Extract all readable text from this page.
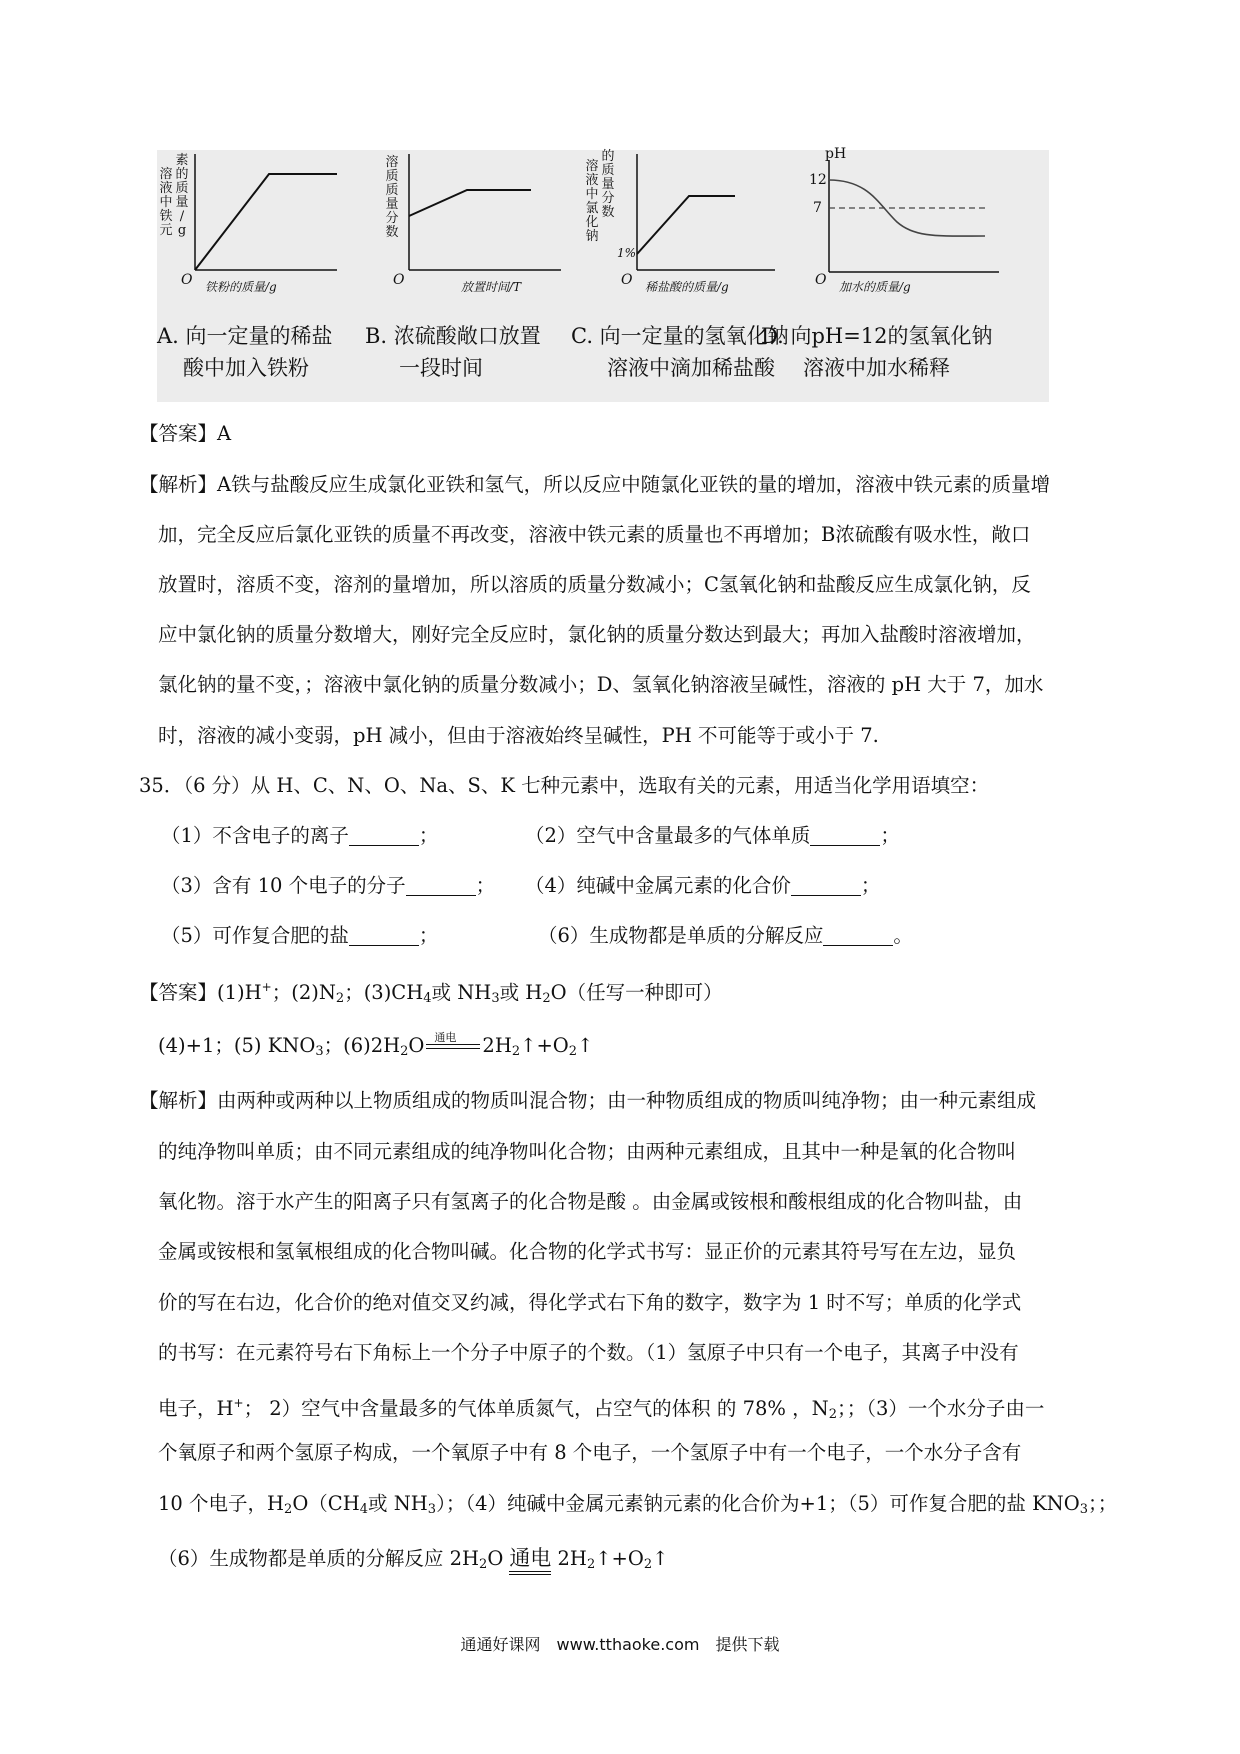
溶
液
中
铁
元
素
的
质
量
/
g
O 铁粉的质量/g
A. 向一定量的稀盐
酸中加入铁粉
溶
质
质
量
分
数
O	放置时间/T
B. 浓硫酸敞口放置
一段时间
溶
液
中
氯
化
钠
的
质
量
分
数
1%
O 稀盐酸的质量/g
C. 向一定量的氢氧化钠
溶液中滴加稀盐酸
pH
12
7
O 加水的质量/g
D. 向pH=12的氢氧化钠
溶液中加水稀释
【答案】A
【解析】A铁与盐酸反应生成氯化亚铁和氢气，所以反应中随氯化亚铁的量的增加，溶液中铁元素的质量增
加，完全反应后氯化亚铁的质量不再改变，溶液中铁元素的质量也不再增加；B浓硫酸有吸水性，敞口
放置时，溶质不变，溶剂的量增加，所以溶质的质量分数减小；C氢氧化钠和盐酸反应生成氯化钠，反
应中氯化钠的质量分数增大，刚好完全反应时，氯化钠的质量分数达到最大；再加入盐酸时溶液增加，
氯化钠的量不变，；溶液中氯化钠的质量分数减小；D、氢氧化钠溶液呈碱性，溶液的 pH 大于 7，加水
时，溶液的减小变弱，pH 减小，但由于溶液始终呈碱性，PH 不可能等于或小于 7.
35．（6 分）从 H、C、N、O、Na、S、K 七种元素中，选取有关的元素，用适当化学用语填空：
（1）不含电子的离子	；	（2）空气中含量最多的气体单质	；
（3）含有 10 个电子的分子	； （4）纯碱中金属元素的化合价	；
（5）可作复合肥的盐	；	（6）生成物都是单质的分解反应	。
【答案】(1)H+；$(2)N_2$；$(3)CH_4$或 $NH_3$或 $H_2O$（任写一种即可）
(4)+1；(5) $KNO_3$；$(6)2H_2O$ 通电 $2H_2↑+O_2↑$
【解析】由两种或两种以上物质组成的物质叫混合物；由一种物质组成的物质叫纯净物；由一种元素组成
的纯净物叫单质；由不同元素组成的纯净物叫化合物；由两种元素组成，且其中一种是氧的化合物叫
氧化物。溶于水产生的阳离子只有氢离子的化合物是酸 。由金属或铵根和酸根组成的化合物叫盐，由
金属或铵根和氢氧根组成的化合物叫碱。化合物的化学式书写：显正价的元素其符号写在左边，显负
价的写在右边，化合价的绝对值交叉约减，得化学式右下角的数字，数字为 1 时不写；单质的化学式
的书写：在元素符号右下角标上一个分子中原子的个数。（1）氢原子中只有一个电子，其离子中没有
电子，H+； 2）空气中含量最多的气体单质氮气，占空气的体积 的 78% ，$N_2$；；（3）一个水分子由一
个氧原子和两个氢原子构成，一个氧原子中有 8 个电子，一个氢原子中有一个电子，一个水分子含有
10 个电子，$H_2O(CH_4$或 $NH_3$）；（4）纯碱中金属元素钠元素的化合价为+1；（5）可作复合肥的盐 $KNO_3$；；
（6）生成物都是单质的分解反应 $2H_2O$ 通电 $2H_2↑+O_2↑$
通通好课网　www.tthaoke.com　提供下载
